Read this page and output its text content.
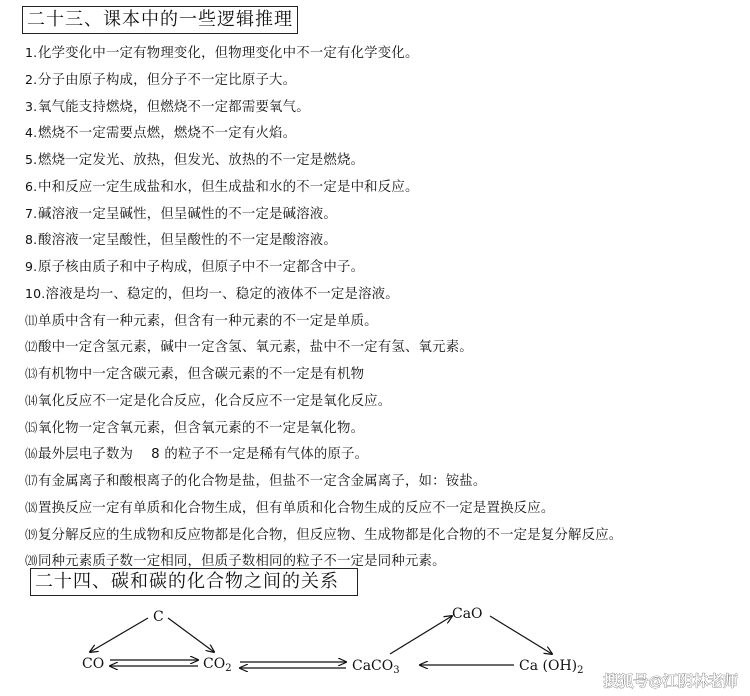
二十三、课本中的一些逻辑推理
1.化学变化中一定有物理变化，但物理变化中不一定有化学变化。
2.分子由原子构成，但分子不一定比原子大。
3.氧气能支持燃烧，但燃烧不一定都需要氧气。
4.燃烧不一定需要点燃，燃烧不一定有火焰。
5.燃烧一定发光、放热，但发光、放热的不一定是燃烧。
6.中和反应一定生成盐和水，但生成盐和水的不一定是中和反应。
7.碱溶液一定呈碱性，但呈碱性的不一定是碱溶液。
8.酸溶液一定呈酸性，但呈酸性的不一定是酸溶液。
9.原子核由质子和中子构成，但原子中不一定都含中子。
10.溶液是均一、稳定的，但均一、稳定的液体不一定是溶液。
⑾单质中含有一种元素，但含有一种元素的不一定是单质。
⑿酸中一定含氢元素，碱中一定含氢、氧元素，盐中不一定有氢、氧元素。
⒀有机物中一定含碳元素，但含碳元素的不一定是有机物
⒁氧化反应不一定是化合反应，化合反应不一定是氧化反应。
⒂氧化物一定含氧元素，但含氧元素的不一定是氧化物。
⒃最外层电子数为　 8 的粒子不一定是稀有气体的原子。
⒄有金属离子和酸根离子的化合物是盐，但盐不一定含金属离子，如：铵盐。
⒅置换反应一定有单质和化合物生成，但有单质和化合物生成的反应不一定是置换反应。
⒆复分解反应的生成物和反应物都是化合物，但反应物、生成物都是化合物的不一定是复分解反应。
⒇同种元素质子数一定相同，但质子数相同的粒子不一定是同种元素。
二十四、碳和碳的化合物之间的关系
C
CO	$CO_2$
CaO
CaCO$_3$	Ca $(OH)_2$
搜狐号@江阴林老师
